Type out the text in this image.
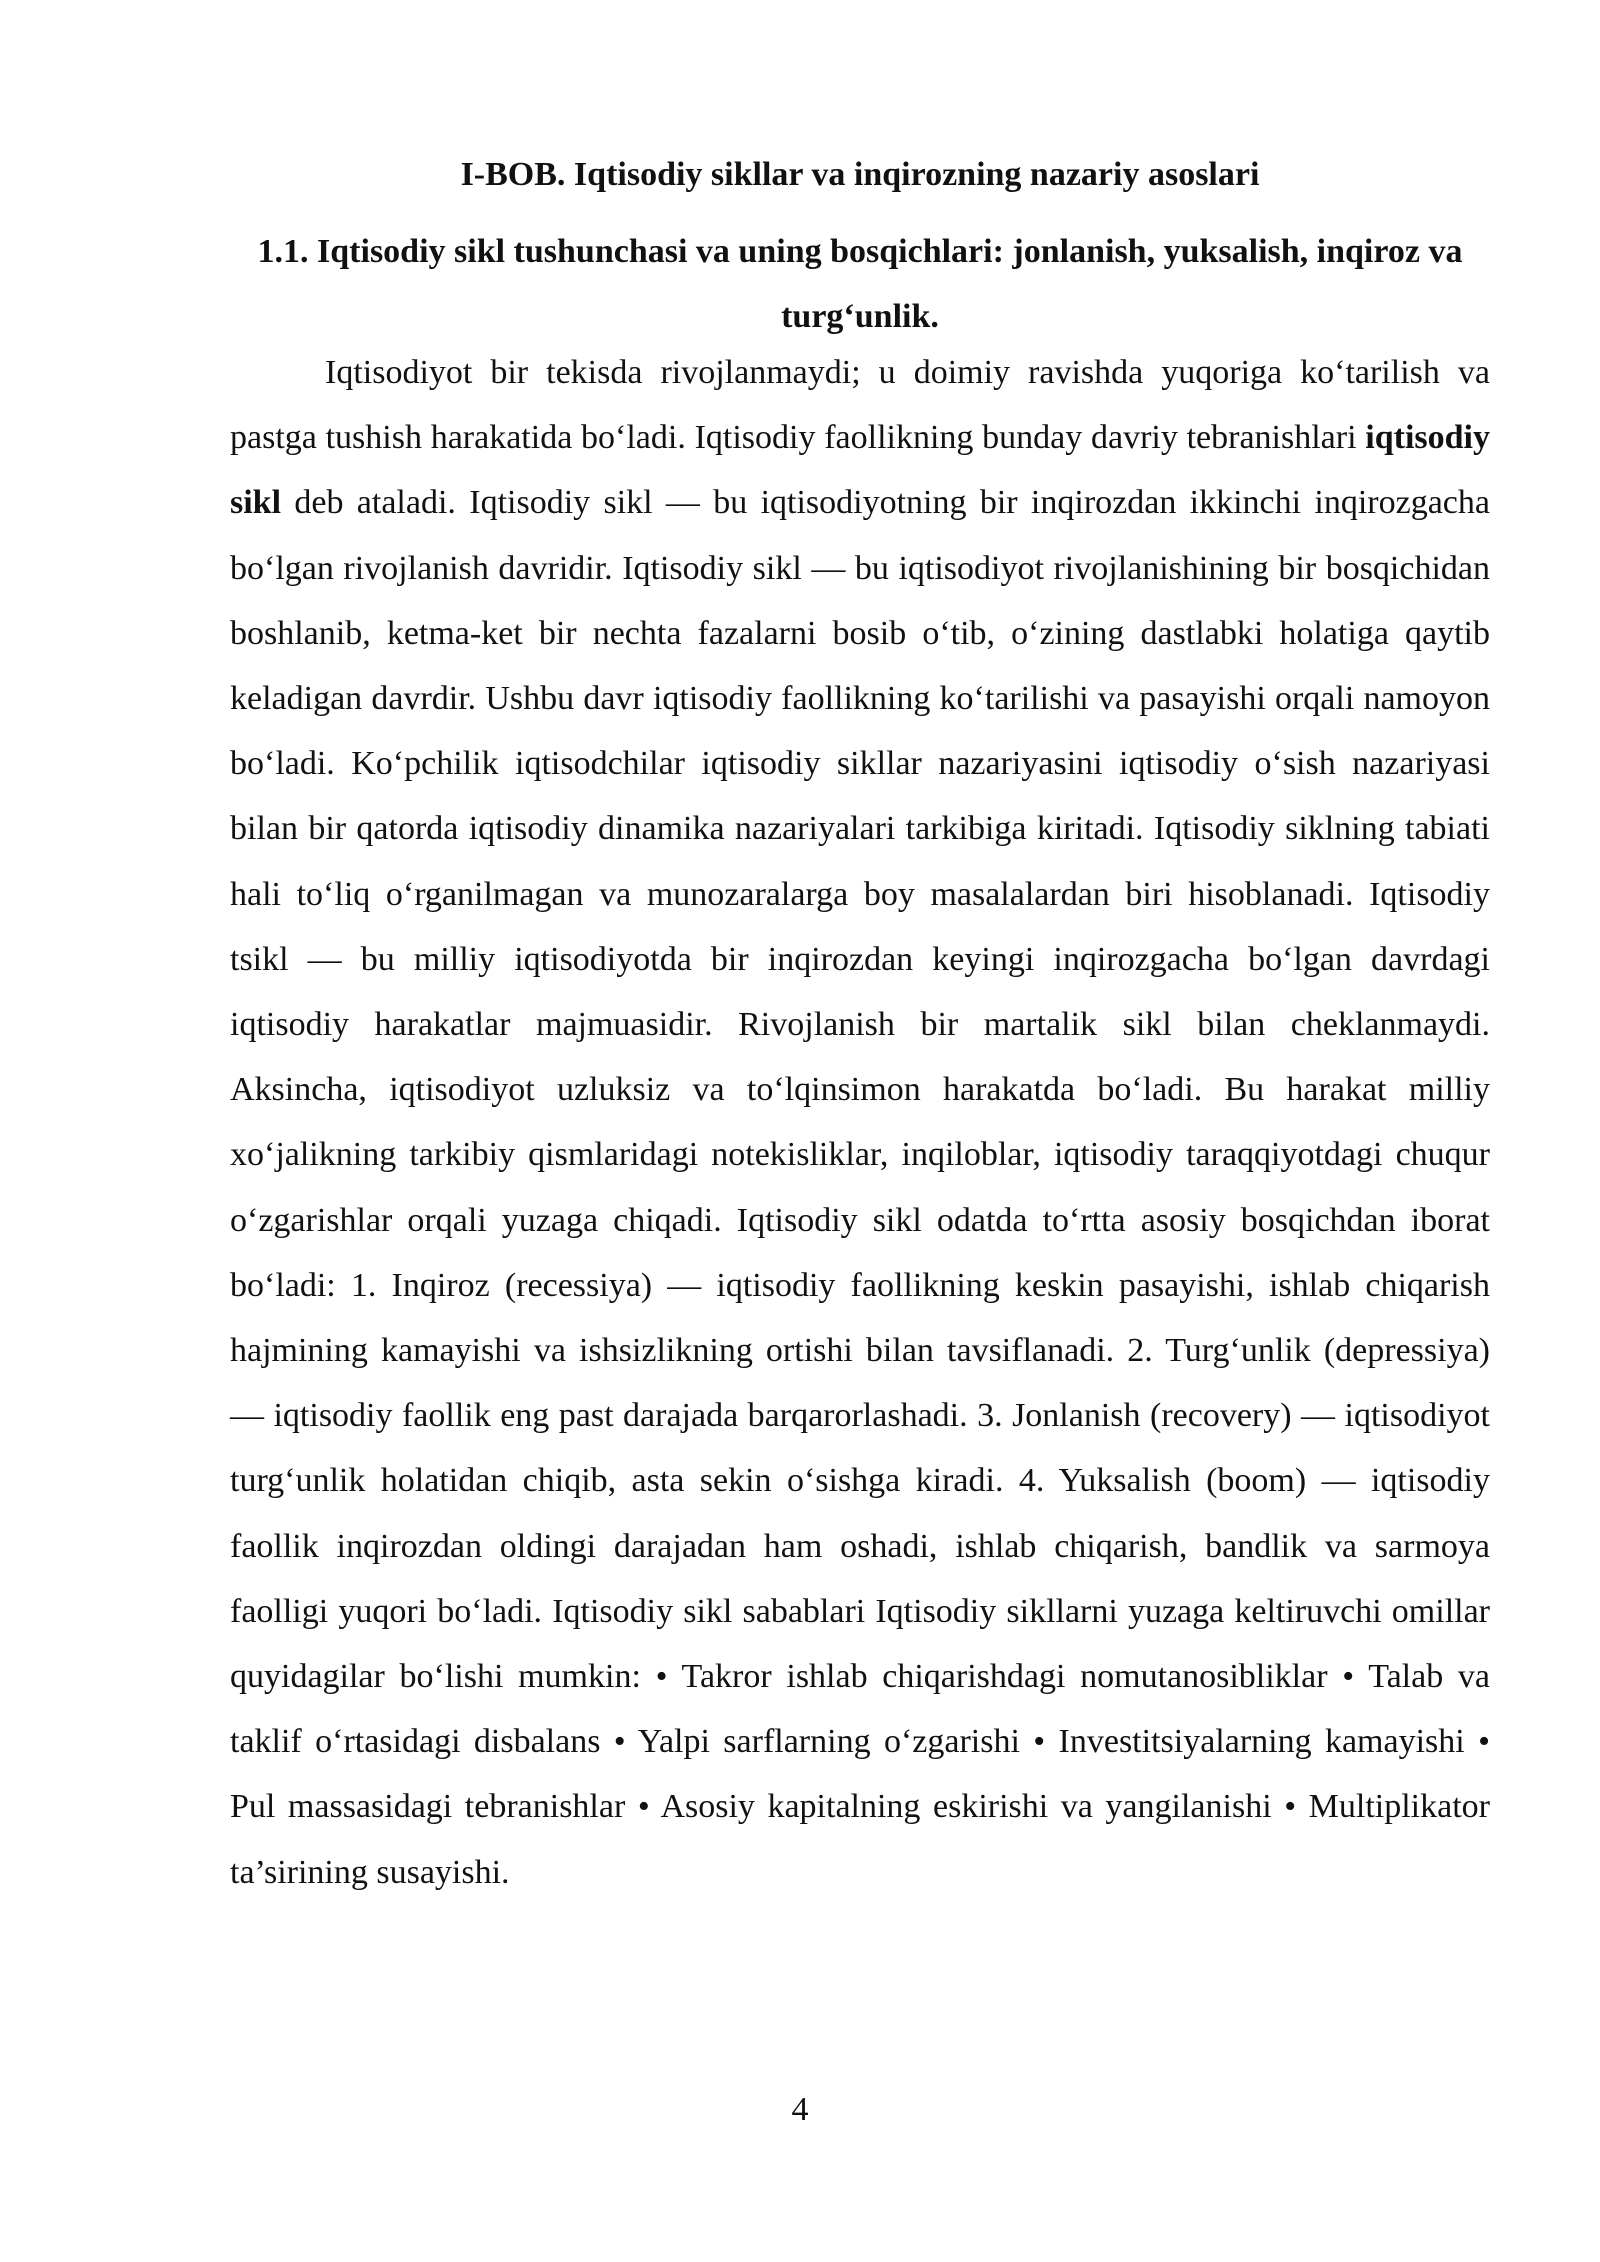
I-BOB. Iqtisodiy sikllar va inqirozning nazariy asoslari
1.1. Iqtisodiy sikl tushunchasi va uning bosqichlari: jonlanish, yuksalish, inqiroz va turg‘unlik.

Iqtisodiyot bir tekisda rivojlanmaydi; u doimiy ravishda yuqoriga ko‘tarilish va pastga tushish harakatida bo‘ladi. Iqtisodiy faollikning bunday davriy tebranishlari iqtisodiy sikl deb ataladi. Iqtisodiy sikl — bu iqtisodiyotning bir inqirozdan ikkinchi inqirozgacha bo‘lgan rivojlanish davridir. Iqtisodiy sikl — bu iqtisodiyot rivojlanishining bir bosqichidan boshlanib, ketma-ket bir nechta fazalarni bosib o‘tib, o‘zining dastlabki holatiga qaytib keladigan davrdir. Ushbu davr iqtisodiy faollikning ko‘tarilishi va pasayishi orqali namoyon bo‘ladi. Ko‘pchilik iqtisodchilar iqtisodiy sikllar nazariyasini iqtisodiy o‘sish nazariyasi bilan bir qatorda iqtisodiy dinamika nazariyalari tarkibiga kiritadi. Iqtisodiy siklning tabiati hali to‘liq o‘rganilmagan va munozaralarga boy masalalardan biri hisoblanadi. Iqtisodiy tsikl — bu milliy iqtisodiyotda bir inqirozdan keyingi inqirozgacha bo‘lgan davrdagi iqtisodiy harakatlar majmuasidir. Rivojlanish bir martalik sikl bilan cheklanmaydi. Aksincha, iqtisodiyot uzluksiz va to‘lqinsimon harakatda bo‘ladi. Bu harakat milliy xo‘jalikning tarkibiy qismlaridagi notekisliklar, inqiloblar, iqtisodiy taraqqiyotdagi chuqur o‘zgarishlar orqali yuzaga chiqadi. Iqtisodiy sikl odatda to‘rtta asosiy bosqichdan iborat bo‘ladi: 1. Inqiroz (recessiya) — iqtisodiy faollikning keskin pasayishi, ishlab chiqarish hajmining kamayishi va ishsizlikning ortishi bilan tavsiflanadi. 2. Turg‘unlik (depressiya) — iqtisodiy faollik eng past darajada barqarorlashadi. 3. Jonlanish (recovery) — iqtisodiyot turg‘unlik holatidan chiqib, asta sekin o‘sishga kiradi. 4. Yuksalish (boom) — iqtisodiy faollik inqirozdan oldingi darajadan ham oshadi, ishlab chiqarish, bandlik va sarmoya faolligi yuqori bo‘ladi. Iqtisodiy sikl sabablari Iqtisodiy sikllarni yuzaga keltiruvchi omillar quyidagilar bo‘lishi mumkin: • Takror ishlab chiqarishdagi nomutanosibliklar • Talab va taklif o‘rtasidagi disbalans • Yalpi sarflarning o‘zgarishi • Investitsiyalarning kamayishi • Pul massasidagi tebranishlar • Asosiy kapitalning eskirishi va yangilanishi • Multiplikator ta’sirining susayishi.

4
